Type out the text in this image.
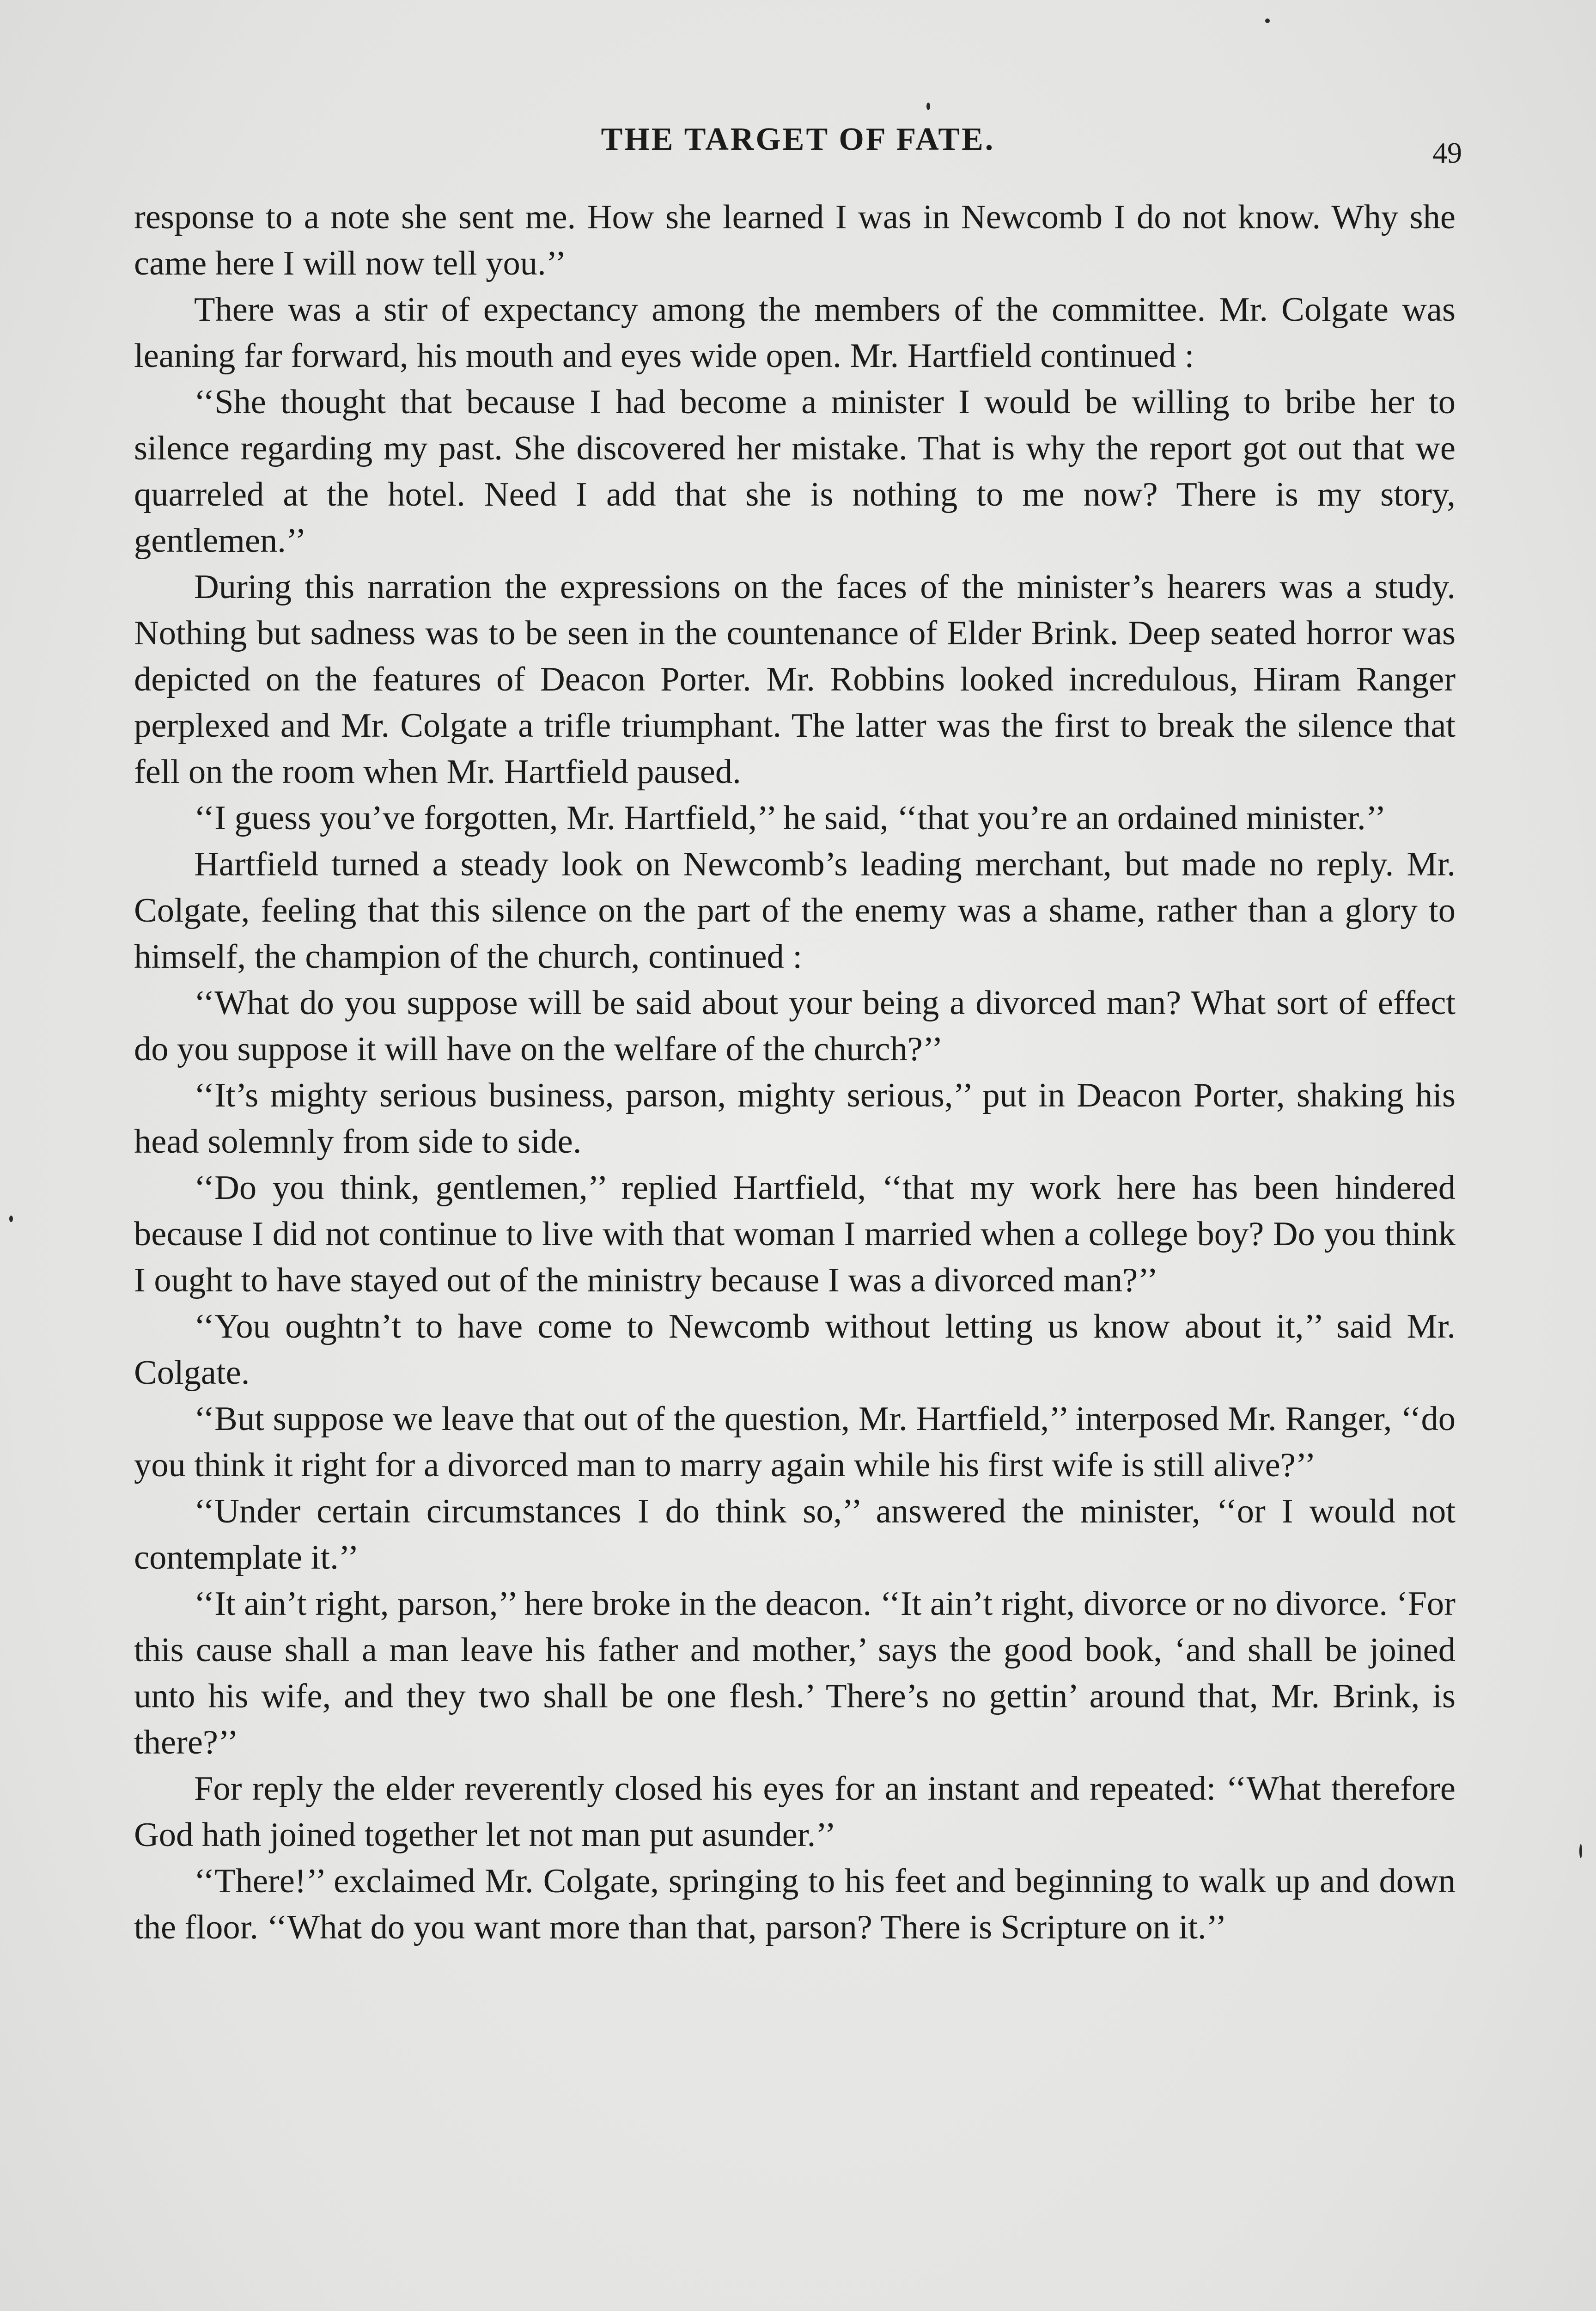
THE TARGET OF FATE.	49

response to a note she sent me. How she learned I was in Newcomb I do not know. Why she came here I will now tell you.’’

There was a stir of expectancy among the members of the committee. Mr. Colgate was leaning far forward, his mouth and eyes wide open. Mr. Hartfield continued :

‘‘She thought that because I had become a minister I would be willing to bribe her to silence regarding my past. She discovered her mistake. That is why the report got out that we quarreled at the hotel. Need I add that she is nothing to me now? There is my story, gentlemen.’’

During this narration the expressions on the faces of the minister’s hearers was a study. Nothing but sadness was to be seen in the countenance of Elder Brink. Deep seated horror was depicted on the features of Deacon Porter. Mr. Robbins looked incredulous, Hiram Ranger perplexed and Mr. Colgate a trifle triumphant. The latter was the first to break the silence that fell on the room when Mr. Hartfield paused.

‘‘I guess you’ve forgotten, Mr. Hartfield,’’ he said, ‘‘that you’re an ordained minister.’’

Hartfield turned a steady look on Newcomb’s leading merchant, but made no reply. Mr. Colgate, feeling that this silence on the part of the enemy was a shame, rather than a glory to himself, the champion of the church, continued :

‘‘What do you suppose will be said about your being a divorced man? What sort of effect do you suppose it will have on the welfare of the church?’’

‘‘It’s mighty serious business, parson, mighty serious,’’ put in Deacon Porter, shaking his head solemnly from side to side.

‘‘Do you think, gentlemen,’’ replied Hartfield, ‘‘that my work here has been hindered because I did not continue to live with that woman I married when a college boy? Do you think I ought to have stayed out of the ministry because I was a divorced man?’’

‘‘You oughtn’t to have come to Newcomb without letting us know about it,’’ said Mr. Colgate.

‘‘But suppose we leave that out of the question, Mr. Hartfield,’’ interposed Mr. Ranger, ‘‘do you think it right for a divorced man to marry again while his first wife is still alive?’’

‘‘Under certain circumstances I do think so,’’ answered the minister, ‘‘or I would not contemplate it.’’

‘‘It ain’t right, parson,’’ here broke in the deacon. ‘‘It ain’t right, divorce or no divorce. ‘For this cause shall a man leave his father and mother,’ says the good book, ‘and shall be joined unto his wife, and they two shall be one flesh.’ There’s no gettin’ around that, Mr. Brink, is there?’’

For reply the elder reverently closed his eyes for an instant and repeated: ‘‘What therefore God hath joined together let not man put asunder.’’

‘‘There!’’ exclaimed Mr. Colgate, springing to his feet and beginning to walk up and down the floor. ‘‘What do you want more than that, parson? There is Scripture on it.’’
